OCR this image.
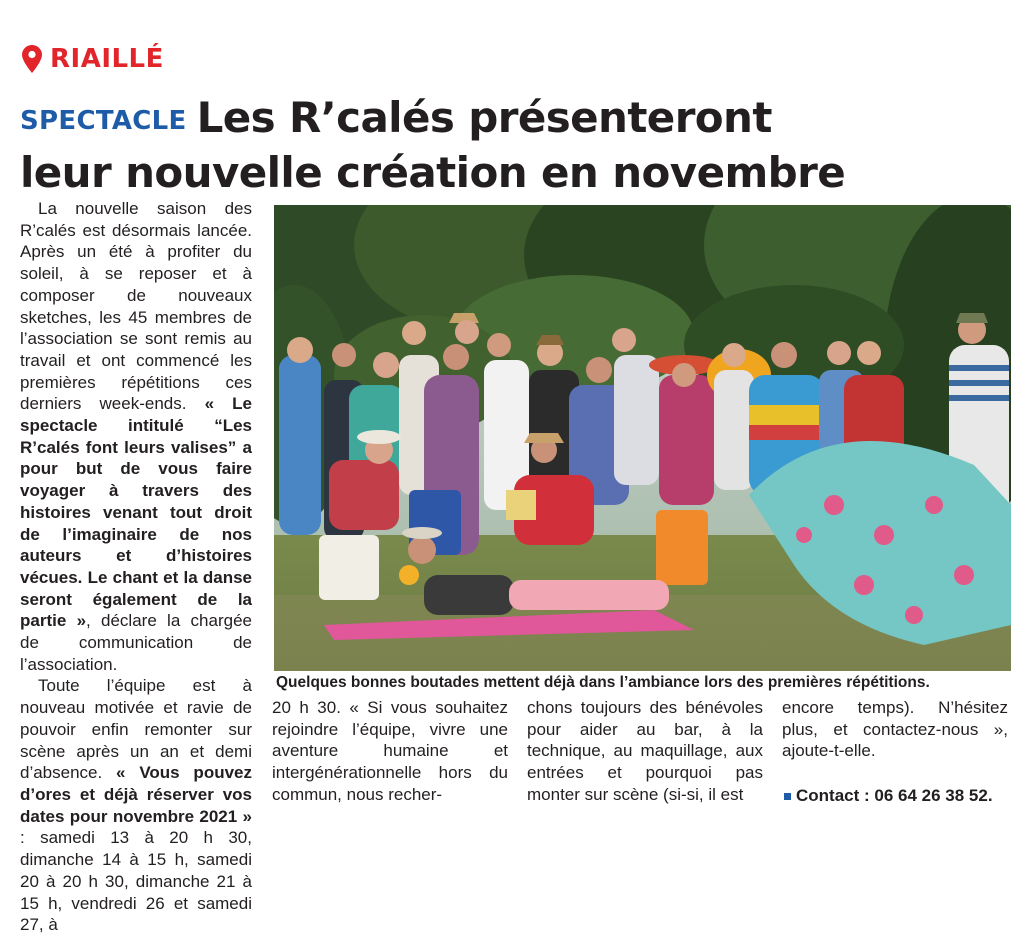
RIAILLÉ
SPECTACLE Les R’calés présenteront
leur nouvelle création en novembre

La nouvelle saison des R’calés est désormais lancée. Après un été à profiter du soleil, à se reposer et à composer de nouveaux sketches, les 45 membres de l’association se sont remis au travail et ont commencé les premières répétitions ces derniers week-ends. « Le spectacle intitulé “Les R’calés font leurs valises” a pour but de vous faire voyager à travers des histoires venant tout droit de l’imaginaire de nos auteurs et d’histoires vécues. Le chant et la danse seront également de la partie », déclare la chargée de communication de l’association.

Toute l’équipe est à nouveau motivée et ravie de pouvoir enfin remonter sur scène après un an et demi d’absence. « Vous pouvez d’ores et déjà réserver vos dates pour novembre 2021 » : samedi 13 à 20 h 30, dimanche 14 à 15 h, samedi 20 à 20 h 30, dimanche 21 à 15 h, vendredi 26 et samedi 27, à

Quelques bonnes boutades mettent déjà dans l’ambiance lors des premières répétitions.

20 h 30. « Si vous souhaitez rejoindre l’équipe, vivre une aventure humaine et intergénérationnelle hors du commun, nous recher-

chons toujours des bénévoles pour aider au bar, à la technique, au maquillage, aux entrées et pourquoi pas monter sur scène (si-si, il est

encore temps). N’hésitez plus, et contactez-nous », ajoute-t-elle.

Contact : 06 64 26 38 52.
